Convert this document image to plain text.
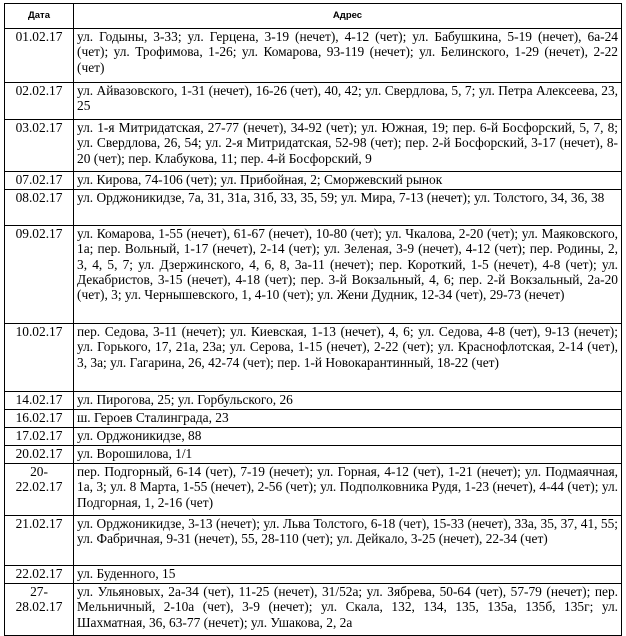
Дата	Адрес
01.02.17	ул. Годыны, 3-33; ул. Герцена, 3-19 (нечет), 4-12 (чет); ул. Бабушкина, 5-19 (нечет), 6а-24 (чет); ул. Трофимова, 1-26; ул. Комарова, 93-119 (нечет); ул. Белинского, 1-29 (нечет), 2-22 (чет)
02.02.17	ул. Айвазовского, 1-31 (нечет), 16-26 (чет), 40, 42; ул. Свердлова, 5, 7; ул. Петра Алексеева, 23, 25
03.02.17	ул. 1-я Митридатская, 27-77 (нечет), 34-92 (чет); ул. Южная, 19; пер. 6-й Босфорский, 5, 7, 8; ул. Свердлова, 26, 54; ул. 2-я Митридатская, 52-98 (чет); пер. 2-й Босфорский, 3-17 (нечет), 8-20 (чет); пер. Клабукова, 11; пер. 4-й Босфорский, 9
07.02.17	ул. Кирова, 74-106 (чет); ул. Прибойная, 2; Сморжевский рынок
08.02.17	ул. Орджоникидзе, 7а, 31, 31а, 31б, 33, 35, 59; ул. Мира, 7-13 (нечет); ул. Толстого, 34, 36, 38
09.02.17	ул. Комарова, 1-55 (нечет), 61-67 (нечет), 10-80 (чет); ул. Чкалова, 2-20 (чет); ул. Маяковского, 1а; пер. Вольный, 1-17 (нечет), 2-14 (чет); ул. Зеленая, 3-9 (нечет), 4-12 (чет); пер. Родины, 2, 3, 4, 5, 7; ул. Дзержинского, 4, 6, 8, 3а-11 (нечет); пер. Короткий, 1-5 (нечет), 4-8 (чет); ул. Декабристов, 3-15 (нечет), 4-18 (чет); пер. 3-й Вокзальный, 4, 6; пер. 2-й Вокзальный, 2а-20 (чет), 3; ул. Чернышевского, 1, 4-10 (чет); ул. Жени Дудник, 12-34 (чет), 29-73 (нечет)
10.02.17	пер. Седова, 3-11 (нечет); ул. Киевская, 1-13 (нечет), 4, 6; ул. Седова, 4-8 (чет), 9-13 (нечет); ул. Горького, 17, 21а, 23а; ул. Серова, 1-15 (нечет), 2-22 (чет); ул. Краснофлотская, 2-14 (чет), 3, 3а; ул. Гагарина, 26, 42-74 (чет); пер. 1-й Новокарантинный, 18-22 (чет)
14.02.17	ул. Пирогова, 25; ул. Горбульского, 26
16.02.17	ш. Героев Сталинграда, 23
17.02.17	ул. Орджоникидзе, 88
20.02.17	ул. Ворошилова, 1/1
20-22.02.17	пер. Подгорный, 6-14 (чет), 7-19 (нечет); ул. Горная, 4-12 (чет), 1-21 (нечет); ул. Подмаячная, 1а, 3; ул. 8 Марта, 1-55 (нечет), 2-56 (чет); ул. Подполковника Рудя, 1-23 (нечет), 4-44 (чет); ул. Подгорная, 1, 2-16 (чет)
21.02.17	ул. Орджоникидзе, 3-13 (нечет); ул. Льва Толстого, 6-18 (чет), 15-33 (нечет), 33а, 35, 37, 41, 55; ул. Фабричная, 9-31 (нечет), 55, 28-110 (чет); ул. Дейкало, 3-25 (нечет), 22-34 (чет)
22.02.17	ул. Буденного, 15
27-28.02.17	ул. Ульяновых, 2а-34 (чет), 11-25 (нечет), 31/52а; ул. Зябрева, 50-64 (чет), 57-79 (нечет); пер. Мельничный, 2-10а (чет), 3-9 (нечет); ул. Скала, 132, 134, 135, 135а, 135б, 135г; ул. Шахматная, 36, 63-77 (нечет); ул. Ушакова, 2, 2а
